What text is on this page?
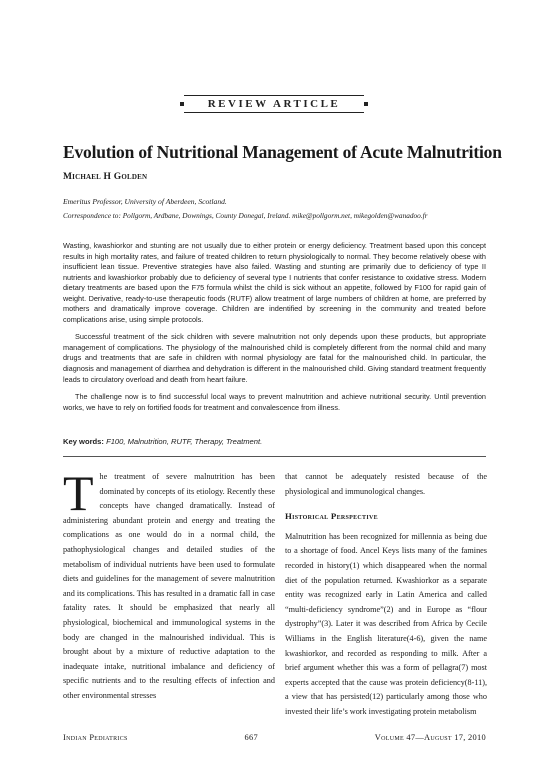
REVIEW ARTICLE
Evolution of Nutritional Management of Acute Malnutrition
Michael H Golden
Emeritus Professor, University of Aberdeen, Scotland.
Correspondence to: Pollgorm, Ardbane, Downings, County Donegal, Ireland. mike@pollgorm.net, mikegolden@wanadoo.fr

Wasting, kwashiorkor and stunting are not usually due to either protein or energy deficiency. Treatment based upon this concept results in high mortality rates, and failure of treated children to return physiologically to normal. They become relatively obese with insufficient lean tissue. Preventive strategies have also failed. Wasting and stunting are primarily due to deficiency of type II nutrients and kwashiorkor probably due to deficiency of several type I nutrients that confer resistance to oxidative stress. Modern dietary treatments are based upon the F75 formula whilst the child is sick without an appetite, followed by F100 for rapid gain of weight. Derivative, ready-to-use therapeutic foods (RUTF) allow treatment of large numbers of children at home, are preferred by mothers and dramatically improve coverage. Children are indentified by screening in the community and treated before complications arise, using simple protocols.

Successful treatment of the sick children with severe malnutrition not only depends upon these products, but appropriate management of complications. The physiology of the malnourished child is completely different from the normal child and many drugs and treatments that are safe in children with normal physiology are fatal for the malnourished child. In particular, the diagnosis and management of diarrhea and dehydration is different in the malnourished child. Giving standard treatment frequently leads to circulatory overload and death from heart failure.

The challenge now is to find successful local ways to prevent malnutrition and achieve nutritional security. Until prevention works, we have to rely on fortified foods for treatment and convalescence from illness.

Key words: F100, Malnutrition, RUTF, Therapy, Treatment.

The treatment of severe malnutrition has been dominated by concepts of its etiology. Recently these concepts have changed dramatically. Instead of administering abundant protein and energy and treating the complications as one would do in a normal child, the pathophysiological changes and detailed studies of the metabolism of individual nutrients have been used to formulate diets and guidelines for the management of severe malnutrition and its complications. This has resulted in a dramatic fall in case fatality rates. It should be emphasized that nearly all physiological, biochemical and immunological systems in the body are changed in the malnourished individual. This is brought about by a mixture of reductive adaptation to the inadequate intake, nutritional imbalance and deficiency of specific nutrients and to the resulting effects of infection and other environmental stresses

that cannot be adequately resisted because of the physiological and immunological changes.

Historical Perspective

Malnutrition has been recognized for millennia as being due to a shortage of food. Ancel Keys lists many of the famines recorded in history(1) which disappeared when the normal diet of the population returned. Kwashiorkor as a separate entity was recognized early in Latin America and called “multi-deficiency syndrome”(2) and in Europe as “flour dystrophy”(3). Later it was described from Africa by Cecile Williams in the English literature(4-6), given the name kwashiorkor, and recorded as responding to milk. After a brief argument whether this was a form of pellagra(7) most experts accepted that the cause was protein deficiency(8-11), a view that has persisted(12) particularly among those who invested their life’s work investigating protein metabolism

Indian Pediatrics	667	Volume 47—August 17, 2010
